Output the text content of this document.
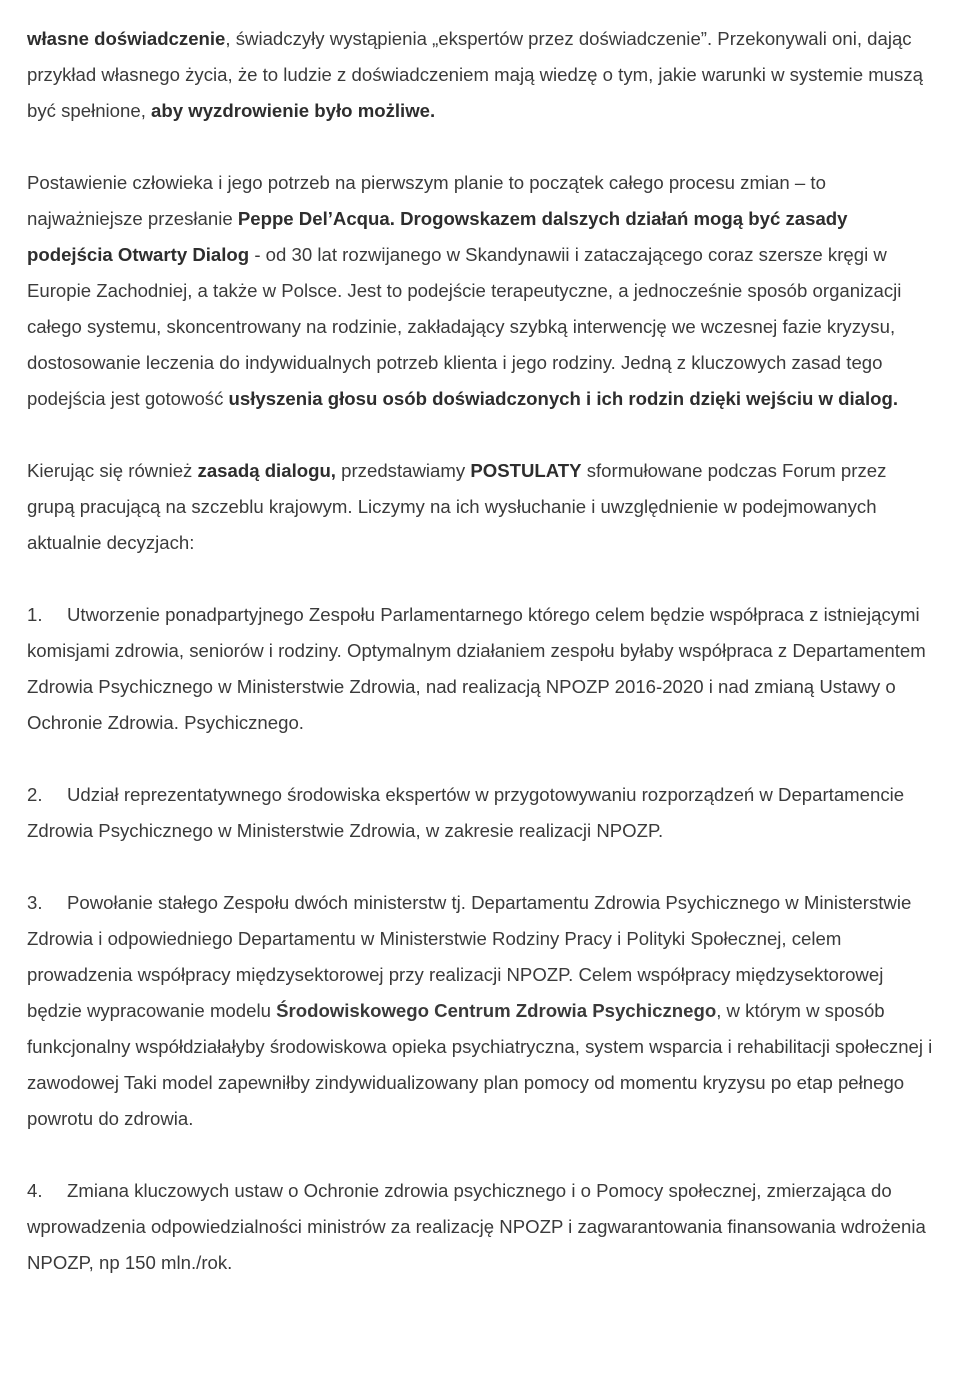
własne doświadczenie, świadczyły wystąpienia „ekspertów przez doświadczenie”. Przekonywali oni, dając przykład własnego życia, że to ludzie z doświadczeniem mają wiedzę o tym, jakie warunki w systemie muszą być spełnione, aby wyzdrowienie było możliwe.

Postawienie człowieka i jego potrzeb na pierwszym planie to początek całego procesu zmian – to najważniejsze przesłanie Peppe Del’Acqua. Drogowskazem dalszych działań mogą być zasady podejścia Otwarty Dialog - od 30 lat rozwijanego w Skandynawii i zataczającego coraz szersze kręgi w Europie Zachodniej, a także w Polsce. Jest to podejście terapeutyczne, a jednocześnie sposób organizacji całego systemu, skoncentrowany na rodzinie, zakładający szybką interwencję we wczesnej fazie kryzysu, dostosowanie leczenia do indywidualnych potrzeb klienta i jego rodziny. Jedną z kluczowych zasad tego podejścia jest gotowość usłyszenia głosu osób doświadczonych i ich rodzin dzięki wejściu w dialog.

Kierując się również zasadą dialogu, przedstawiamy POSTULATY sformułowane podczas Forum przez grupą pracującą na szczeblu krajowym. Liczymy na ich wysłuchanie i uwzględnienie w podejmowanych aktualnie decyzjach:

1. Utworzenie ponadpartyjnego Zespołu Parlamentarnego którego celem będzie współpraca z istniejącymi komisjami zdrowia, seniorów i rodziny. Optymalnym działaniem zespołu byłaby współpraca z Departamentem Zdrowia Psychicznego w Ministerstwie Zdrowia, nad realizacją NPOZP 2016-2020 i nad zmianą Ustawy o Ochronie Zdrowia. Psychicznego.

2. Udział reprezentatywnego środowiska ekspertów w przygotowywaniu rozporządzeń w Departamencie Zdrowia Psychicznego w Ministerstwie Zdrowia, w zakresie realizacji NPOZP.

3. Powołanie stałego Zespołu dwóch ministerstw tj. Departamentu Zdrowia Psychicznego w Ministerstwie Zdrowia i odpowiedniego Departamentu w Ministerstwie Rodziny Pracy i Polityki Społecznej, celem prowadzenia współpracy międzysektorowej przy realizacji NPOZP. Celem współpracy międzysektorowej będzie wypracowanie modelu Środowiskowego Centrum Zdrowia Psychicznego, w którym w sposób funkcjonalny współdziałałyby środowiskowa opieka psychiatryczna, system wsparcia i rehabilitacji społecznej i zawodowej Taki model zapewniłby zindywidualizowany plan pomocy od momentu kryzysu po etap pełnego powrotu do zdrowia.

4. Zmiana kluczowych ustaw o Ochronie zdrowia psychicznego i o Pomocy społecznej, zmierzająca do wprowadzenia odpowiedzialności ministrów za realizację NPOZP i zagwarantowania finansowania wdrożenia NPOZP, np 150 mln./rok.
